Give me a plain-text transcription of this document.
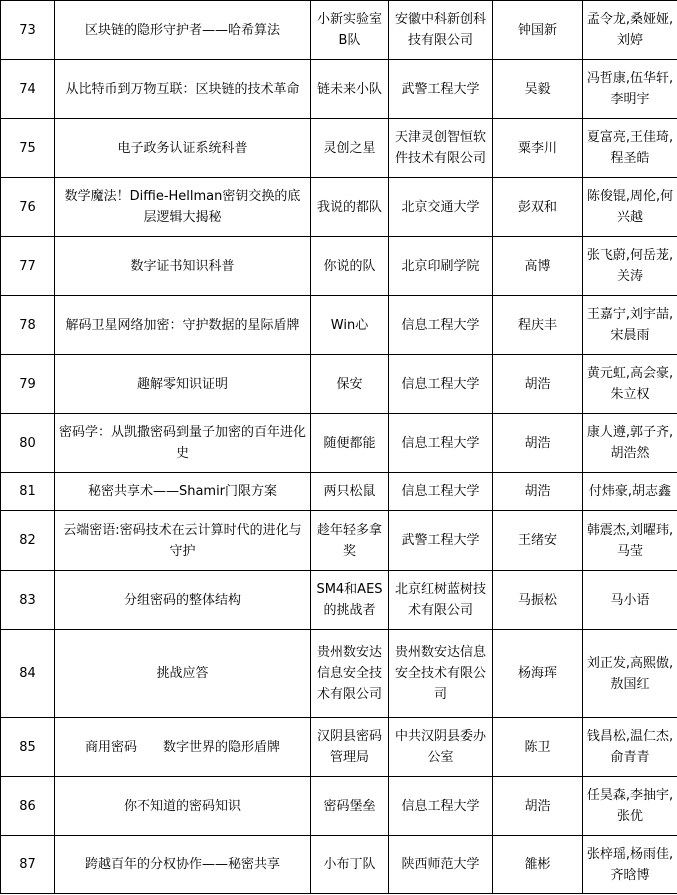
73	区块链的隐形守护者——哈希算法	小新实验室B队	安徽中科新创科技有限公司	钟国新	孟令龙,桑娅娅,刘婷
74	从比特币到万物互联：区块链的技术革命	链未来小队	武警工程大学	吴毅	冯哲康,伍华轩,李明宇
75	电子政务认证系统科普	灵创之星	天津灵创智恒软件技术有限公司	粟李川	夏富亮,王佳琦,程圣皓
76	数学魔法！Diffie-Hellman密钥交换的底层逻辑大揭秘	我说的都队	北京交通大学	彭双和	陈俊锟,周伦,何兴越
77	数字证书知识科普	你说的队	北京印刷学院	高博	张飞蔚,何岳茏,关涛
78	解码卫星网络加密：守护数据的星际盾牌	Win心	信息工程大学	程庆丰	王嘉宁,刘宇喆,宋晨雨
79	趣解零知识证明	保安	信息工程大学	胡浩	黄元虹,高会豪,朱立权
80	密码学：从凯撒密码到量子加密的百年进化史	随便都能	信息工程大学	胡浩	康人遵,郭子齐,胡浩然
81	秘密共享术——Shamir门限方案	两只松鼠	信息工程大学	胡浩	付炜豪,胡志鑫
82	云端密语:密码技术在云计算时代的进化与守护	趁年轻多拿奖	武警工程大学	王绪安	韩震杰,刘曜玮,马莹
83	分组密码的整体结构	SM4和AES的挑战者	北京红树蓝树技术有限公司	马振松	马小语
84	挑战应答	贵州数安达信息安全技术有限公司	贵州数安达信息安全技术有限公司	杨海珲	刘正发,高熙傲,敖国红
85	商用密码　　数字世界的隐形盾牌	汉阴县密码管理局	中共汉阴县委办公室	陈卫	钱昌松,温仁杰,俞青青
86	你不知道的密码知识	密码堡垒	信息工程大学	胡浩	任昊森,李抽宇,张优
87	跨越百年的分权协作——秘密共享	小布丁队	陕西师范大学	雒彬	张梓瑶,杨雨佳,齐晗博
